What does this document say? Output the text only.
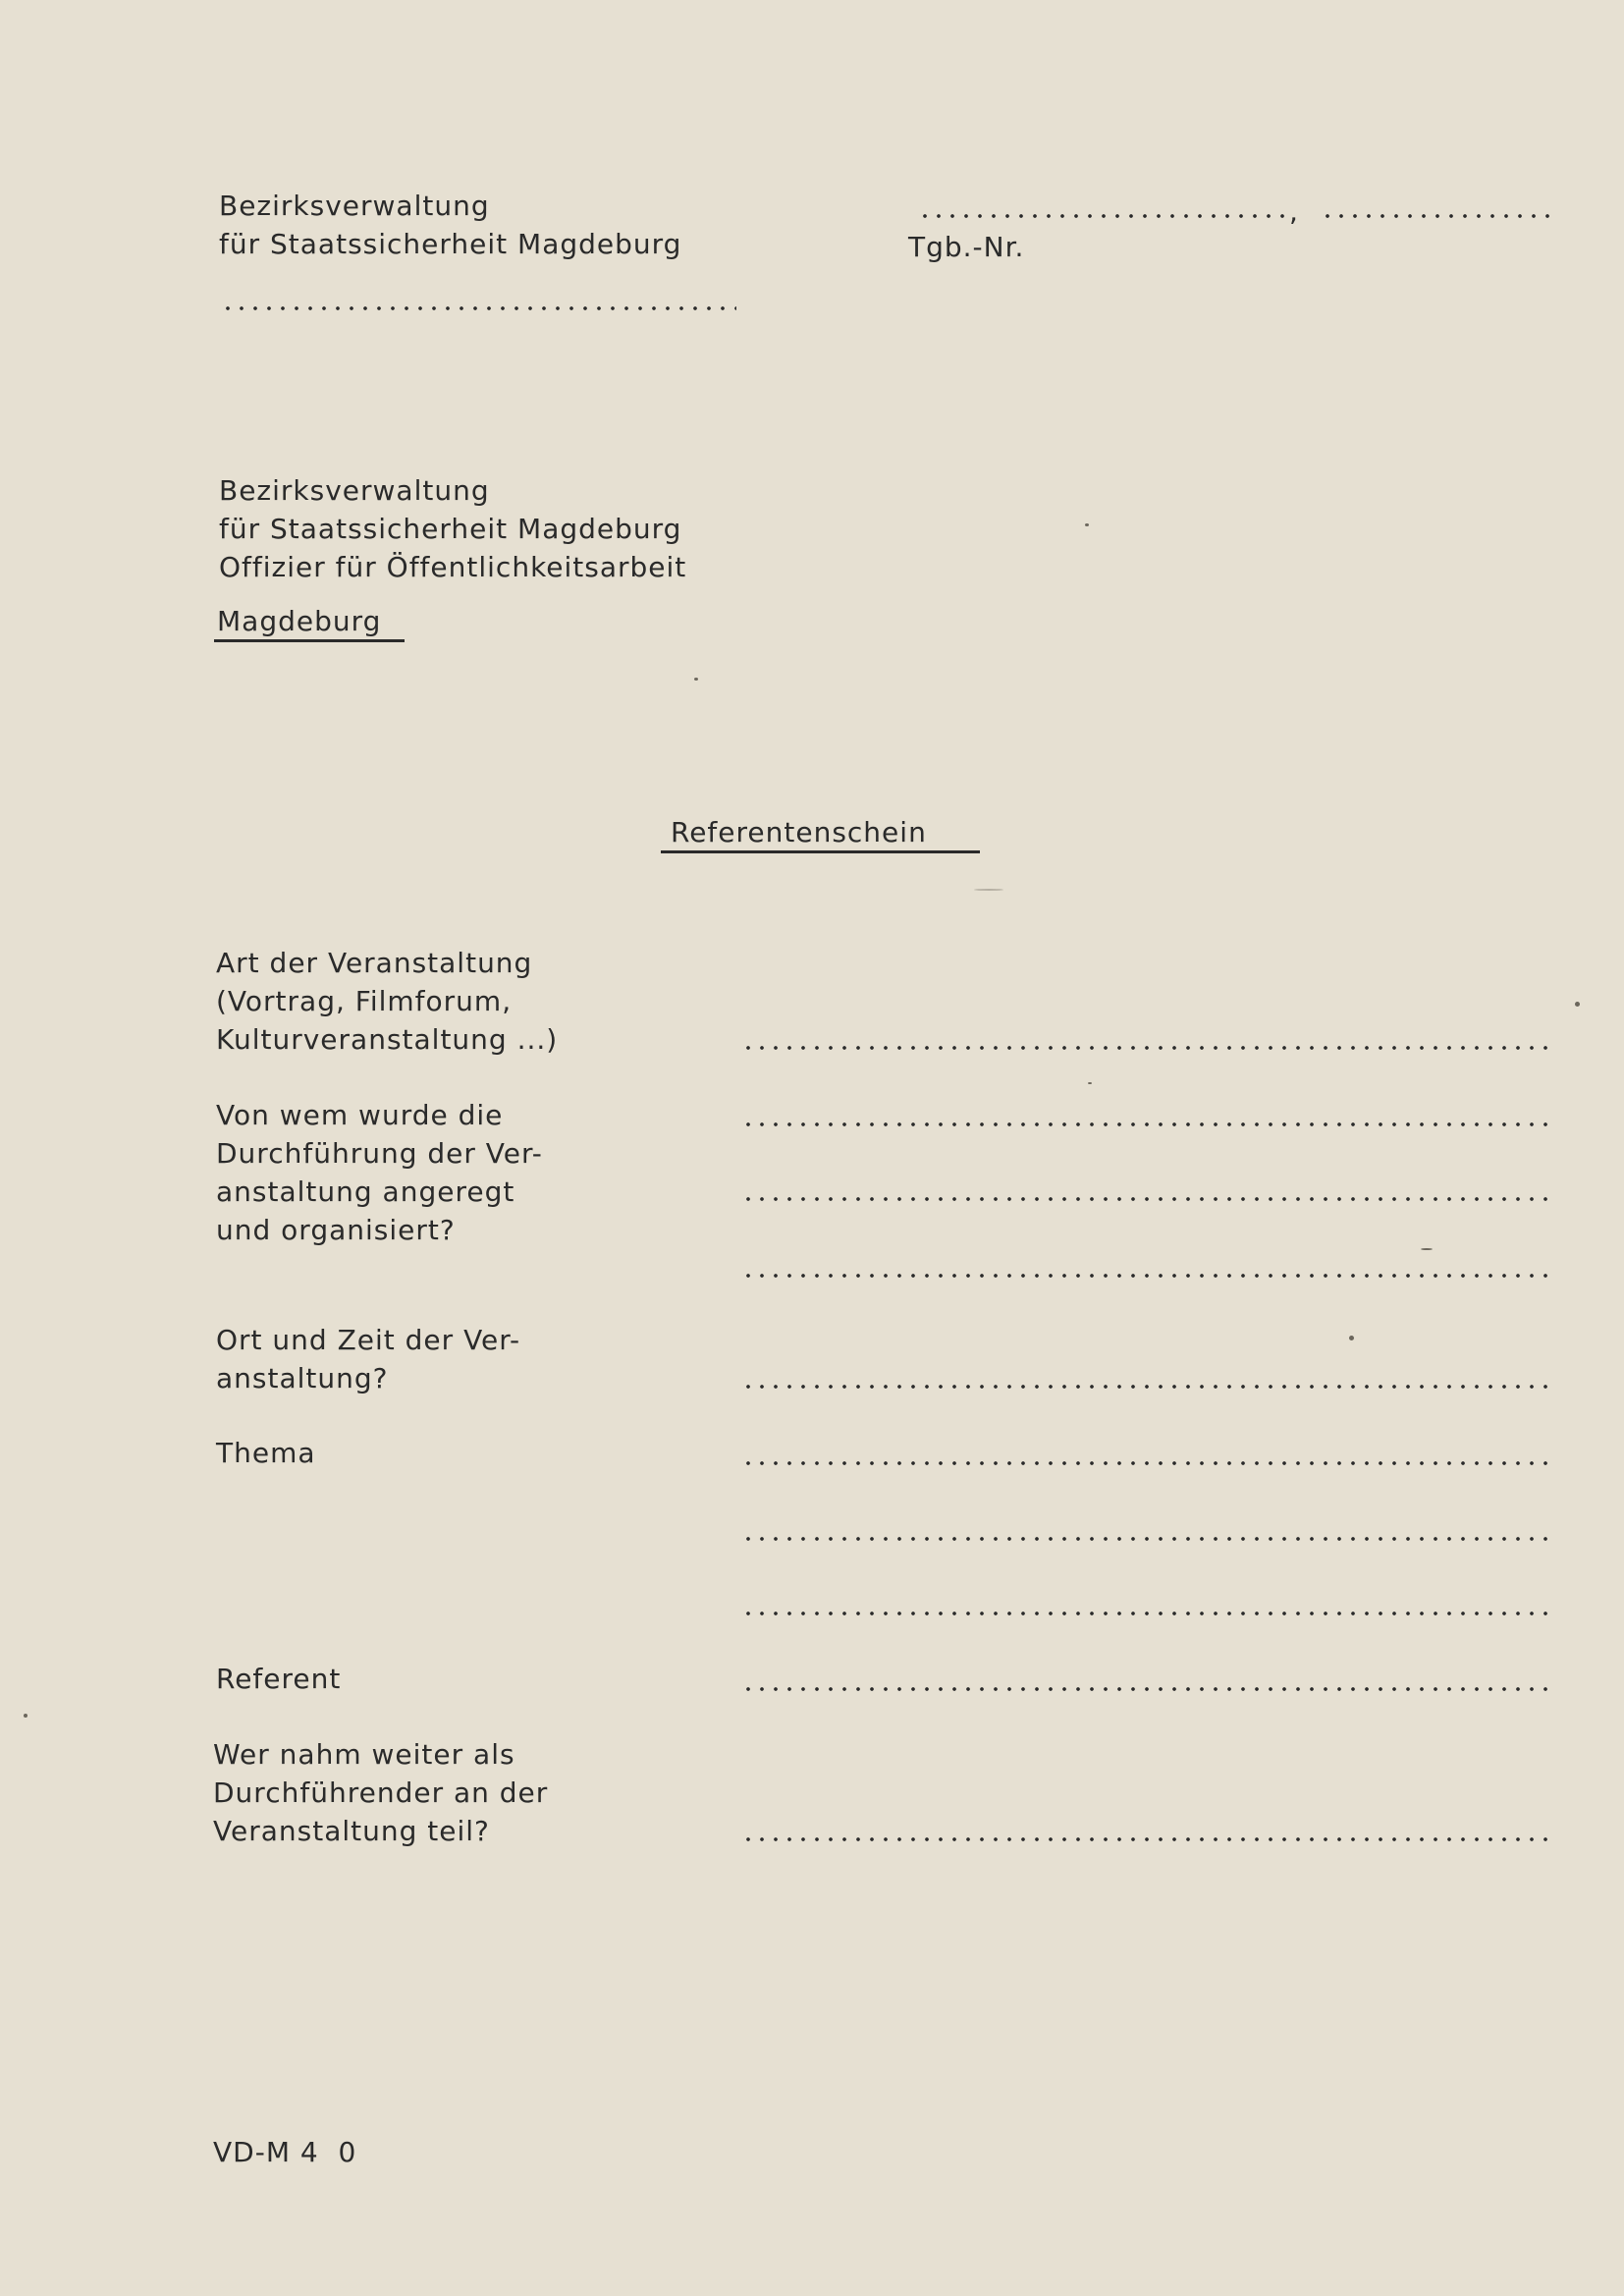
Bezirksverwaltung
für Staatssicherheit Magdeburg
,
Tgb.-Nr.
Bezirksverwaltung
für Staatssicherheit Magdeburg
Offizier für Öffentlichkeitsarbeit
Magdeburg
Referentenschein
Art der Veranstaltung
(Vortrag, Filmforum,
Kulturveranstaltung ...)
Von wem wurde die
Durchführung der Ver-
anstaltung angeregt
und organisiert?
Ort und Zeit der Ver-
anstaltung?
Thema
Referent
Wer nahm weiter als
Durchführender an der
Veranstaltung teil?
VD-M 4  0
